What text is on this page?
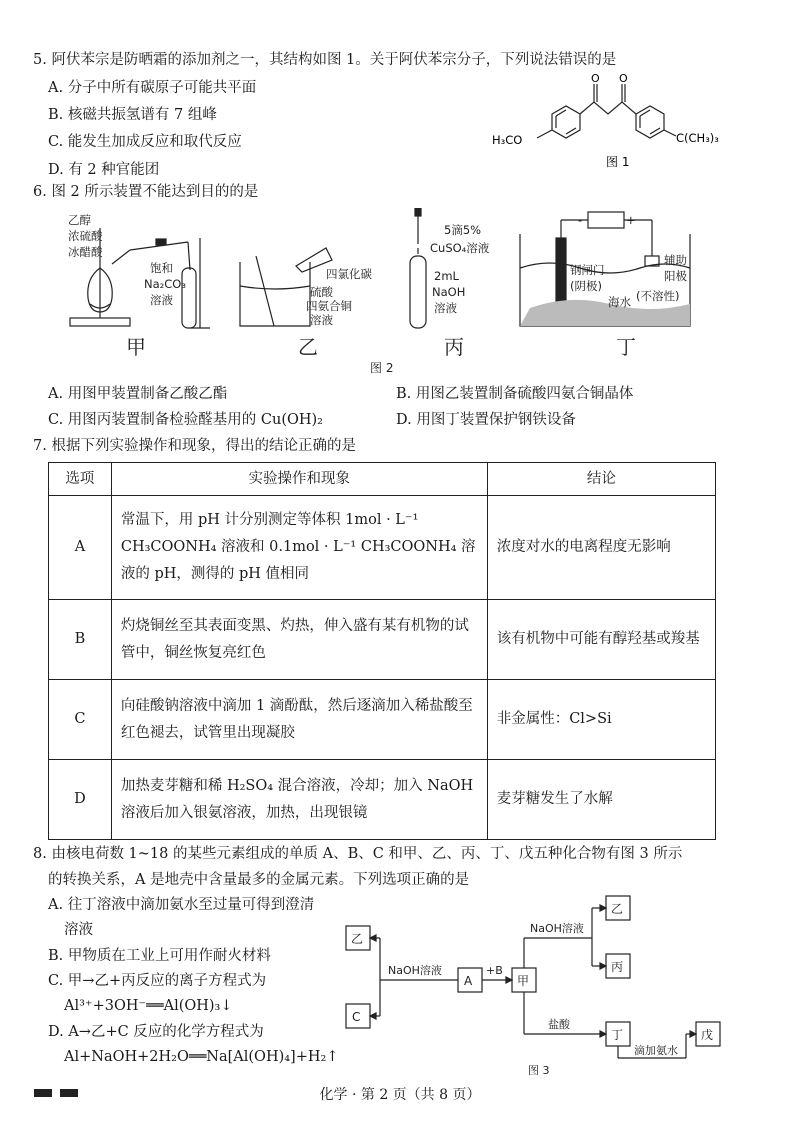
5. 阿伏苯宗是防晒霜的添加剂之一，其结构如图 1。关于阿伏苯宗分子，下列说法错误的是
A. 分子中所有碳原子可能共平面
B. 核磁共振氢谱有 7 组峰
C. 能发生加成反应和取代反应
D. 有 2 种官能团
O O
H₃CO	C(CH₃)₃
图 1
6. 图 2 所示装置不能达到目的的是
乙醇
浓硫酸
冰醋酸
饱和
Na₂CO₃
溶液
四氯化碳
硫酸
四氨合铜
溶液
5滴5%
CuSO₄溶液
2mL
NaOH
溶液
-	+
钢闸门
(阴极)
辅助
阳极
海水 (不溶性)
甲	乙	丙	丁
图 2
A. 用图甲装置制备乙酸乙酯	B. 用图乙装置制备硫酸四氨合铜晶体
C. 用图丙装置制备检验醛基用的 Cu(OH)₂	D. 用图丁装置保护钢铁设备
7. 根据下列实验操作和现象，得出的结论正确的是
选项	实验操作和现象	结论
A	常温下，用 pH 计分别测定等体积 1mol · L⁻¹ CH₃COONH₄ 溶液和 0.1mol · L⁻¹ CH₃COONH₄ 溶液的 pH，测得的 pH 值相同	浓度对水的电离程度无影响
B	灼烧铜丝至其表面变黑、灼热，伸入盛有某有机物的试管中，铜丝恢复亮红色	该有机物中可能有醇羟基或羧基
C	向硅酸钠溶液中滴加 1 滴酚酞，然后逐滴加入稀盐酸至红色褪去，试管里出现凝胶	非金属性：Cl>Si
D	加热麦芽糖和稀 H₂SO₄ 混合溶液，冷却；加入 NaOH 溶液后加入银氨溶液，加热，出现银镜	麦芽糖发生了水解
8. 由核电荷数 1~18 的某些元素组成的单质 A、B、C 和甲、乙、丙、丁、戊五种化合物有图 3 所示
的转换关系，A 是地壳中含量最多的金属元素。下列选项正确的是
A. 往丁溶液中滴加氨水至过量可得到澄清
溶液
B. 甲物质在工业上可用作耐火材料
C. 甲→乙+丙反应的离子方程式为
Al³⁺+3OH⁻══Al(OH)₃↓
D. A→乙+C 反应的化学方程式为
Al+NaOH+2H₂O══Na[Al(OH)₄]+H₂↑
乙
C
A	甲
乙
丙
丁	戊
NaOH溶液	+B
NaOH溶液
盐酸
滴加氨水
图 3
化学 · 第 2 页（共 8 页）
